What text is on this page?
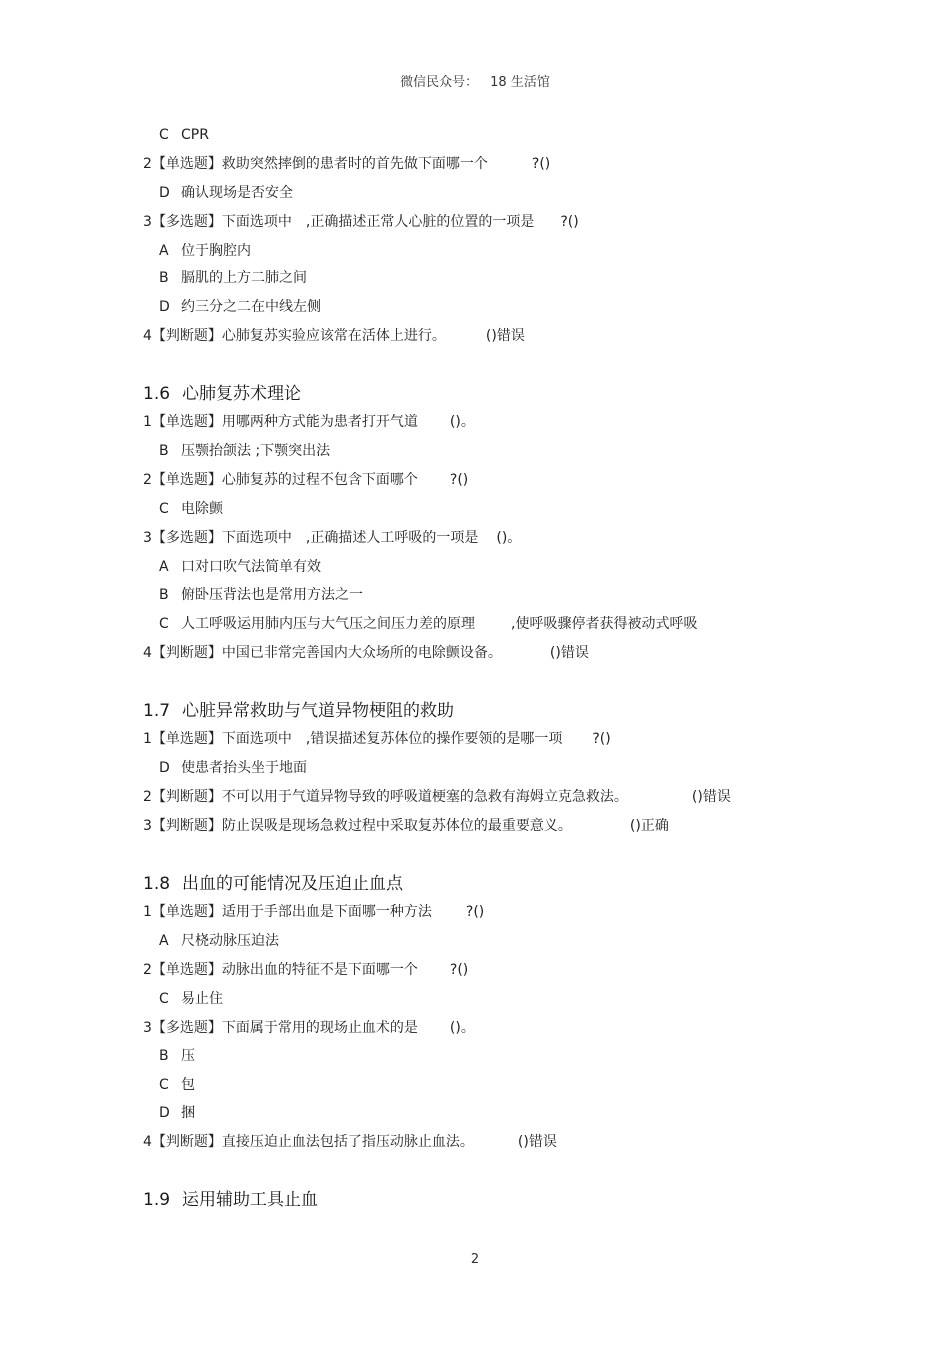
微信民众号： 18 生活馆
C CPR
2【单选题】救助突然摔倒的患者时的首先做下面哪一个	?()
D 确认现场是否安全
3【多选题】下面选项中 ,正确描述正常人心脏的位置的一项是 ?()
A 位于胸腔内
B 膈肌的上方二肺之间
D 约三分之二在中线左侧
4【判断题】心肺复苏实验应该常在活体上进行。	()错误
1.6 心肺复苏术理论
1【单选题】用哪两种方式能为患者打开气道 ()。
B 压颚抬颌法 ;下颚突出法
2【单选题】心肺复苏的过程不包含下面哪个 ?()
C 电除颤
3【多选题】下面选项中 ,正确描述人工呼吸的一项是 ()。
A 口对口吹气法简单有效
B 俯卧压背法也是常用方法之一
C 人工呼吸运用肺内压与大气压之间压力差的原理	,使呼吸骤停者获得被动式呼吸
4【判断题】中国已非常完善国内大众场所的电除颤设备。	()错误
1.7 心脏异常救助与气道异物梗阻的救助
1【单选题】下面选项中 ,错误描述复苏体位的操作要领的是哪一项 ?()
D 使患者抬头坐于地面
2【判断题】不可以用于气道异物导致的呼吸道梗塞的急救有海姆立克急救法。	()错误
3【判断题】防止误吸是现场急救过程中采取复苏体位的最重要意义。	()正确
1.8 出血的可能情况及压迫止血点
1【单选题】适用于手部出血是下面哪一种方法 ?()
A 尺桡动脉压迫法
2【单选题】动脉出血的特征不是下面哪一个 ?()
C 易止住
3【多选题】下面属于常用的现场止血术的是 ()。
B 压
C 包
D 捆
4【判断题】直接压迫止血法包括了指压动脉止血法。	()错误
1.9 运用辅助工具止血
2
